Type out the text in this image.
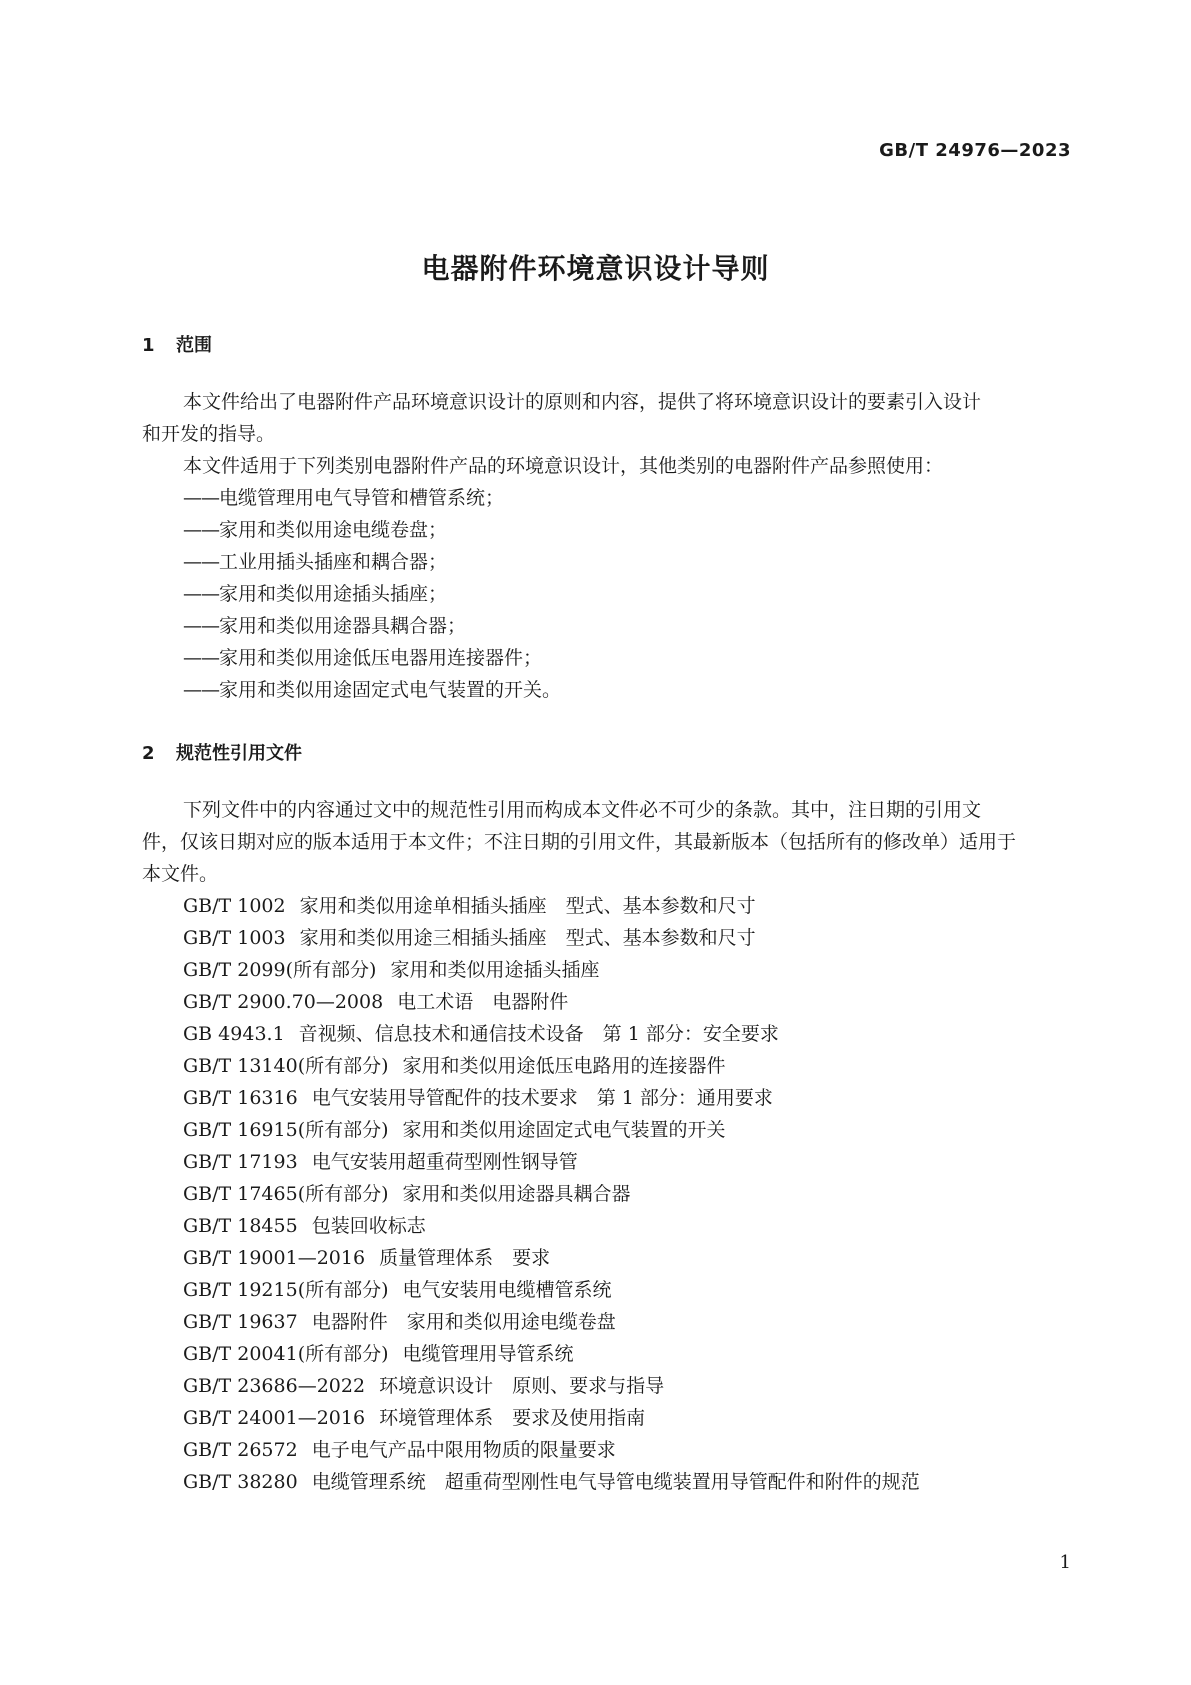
GB/T 24976—2023
电器附件环境意识设计导则
1 范围

本文件给出了电器附件产品环境意识设计的原则和内容，提供了将环境意识设计的要素引入设计
和开发的指导。

本文件适用于下列类别电器附件产品的环境意识设计，其他类别的电器附件产品参照使用：

——电缆管理用电气导管和槽管系统；
——家用和类似用途电缆卷盘；
——工业用插头插座和耦合器；
——家用和类似用途插头插座；
——家用和类似用途器具耦合器；
——家用和类似用途低压电器用连接器件；
——家用和类似用途固定式电气装置的开关。
2 规范性引用文件

下列文件中的内容通过文中的规范性引用而构成本文件必不可少的条款。其中，注日期的引用文
件，仅该日期对应的版本适用于本文件；不注日期的引用文件，其最新版本（包括所有的修改单）适用于

本文件。

GB/T 1002 家用和类似用途单相插头插座　型式、基本参数和尺寸
GB/T 1003 家用和类似用途三相插头插座　型式、基本参数和尺寸
GB/T 2099(所有部分) 家用和类似用途插头插座
GB/T 2900.70—2008 电工术语　电器附件
GB 4943.1 音视频、信息技术和通信技术设备　第 1 部分：安全要求
GB/T 13140(所有部分) 家用和类似用途低压电路用的连接器件
GB/T 16316 电气安装用导管配件的技术要求　第 1 部分：通用要求
GB/T 16915(所有部分) 家用和类似用途固定式电气装置的开关
GB/T 17193 电气安装用超重荷型刚性钢导管
GB/T 17465(所有部分) 家用和类似用途器具耦合器
GB/T 18455 包装回收标志
GB/T 19001—2016 质量管理体系　要求
GB/T 19215(所有部分) 电气安装用电缆槽管系统
GB/T 19637 电器附件　家用和类似用途电缆卷盘
GB/T 20041(所有部分) 电缆管理用导管系统
GB/T 23686—2022 环境意识设计　原则、要求与指导
GB/T 24001—2016 环境管理体系　要求及使用指南
GB/T 26572 电子电气产品中限用物质的限量要求
GB/T 38280 电缆管理系统　超重荷型刚性电气导管电缆装置用导管配件和附件的规范
1
